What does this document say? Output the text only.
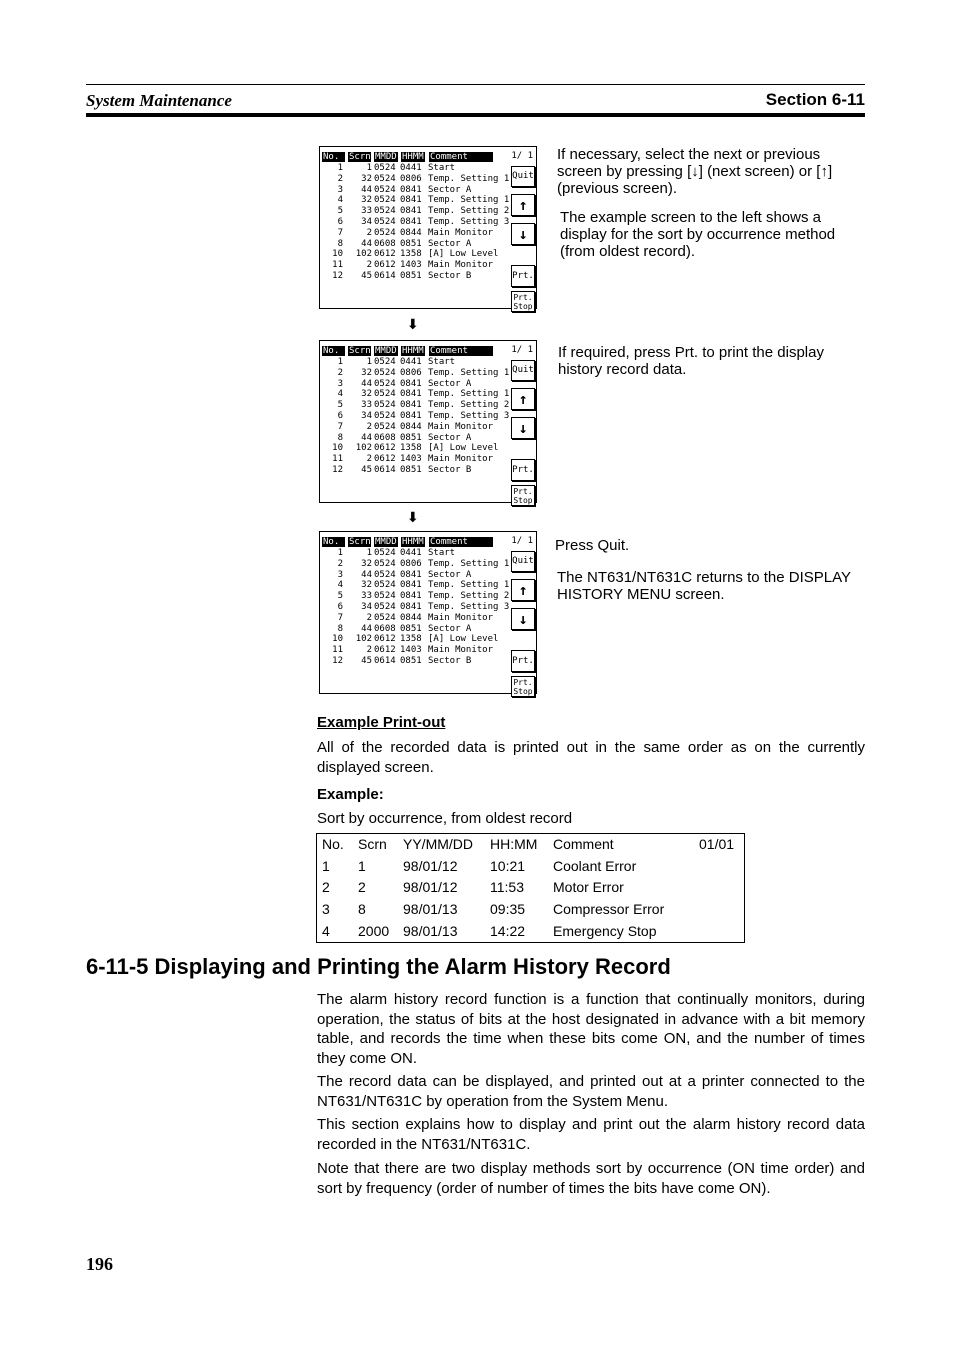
System Maintenance	Section 6-11
No.	Scrn MMDD HHMM Comment	1/ 1
1	1 0524 0441 Start
2	32 0524 0806 Temp. Setting 1
3	44 0524 0841 Sector A
4	32 0524 0841 Temp. Setting 1
5	33 0524 0841 Temp. Setting 2
6	34 0524 0841 Temp. Setting 3
7	2 0524 0844 Main Monitor
8	44 0608 0851 Sector A
10	102 0612 1358 [A] Low Level
11	2 0612 1403 Main Monitor
12	45 0614 0851 Sector B
Quit
↑
↓
Prt.
Prt.
Stop
⬇
No.	Scrn MMDD HHMM Comment	1/ 1
1	1 0524 0441 Start
2	32 0524 0806 Temp. Setting 1
3	44 0524 0841 Sector A
4	32 0524 0841 Temp. Setting 1
5	33 0524 0841 Temp. Setting 2
6	34 0524 0841 Temp. Setting 3
7	2 0524 0844 Main Monitor
8	44 0608 0851 Sector A
10	102 0612 1358 [A] Low Level
11	2 0612 1403 Main Monitor
12	45 0614 0851 Sector B
Quit
↑
↓
Prt.
Prt.
Stop
⬇
No.	Scrn MMDD HHMM Comment	1/ 1
1	1 0524 0441 Start
2	32 0524 0806 Temp. Setting 1
3	44 0524 0841 Sector A
4	32 0524 0841 Temp. Setting 1
5	33 0524 0841 Temp. Setting 2
6	34 0524 0841 Temp. Setting 3
7	2 0524 0844 Main Monitor
8	44 0608 0851 Sector A
10	102 0612 1358 [A] Low Level
11	2 0612 1403 Main Monitor
12	45 0614 0851 Sector B
Quit
↑
↓
Prt.
Prt.
Stop
If necessary, select the next or previous screen by pressing [↓] (next screen) or [↑] (previous screen).
The example screen to the left shows a display for the sort by occurrence method (from oldest record).
If required, press Prt. to print the display history record data.
Press Quit.
The NT631/NT631C returns to the DISPLAY HISTORY MENU screen.
Example Print-out
All of the recorded data is printed out in the same order as on the currently displayed screen.
Example:
Sort by occurrence, from oldest record
No. Scrn YY/MM/DD HH:MM Comment	01/01
1 1	98/01/12 10:21 Coolant Error
2 2	98/01/12 11:53 Motor Error
3 8	98/01/13 09:35 Compressor Error
4 2000 98/01/13 14:22 Emergency Stop
6-11-5 Displaying and Printing the Alarm History Record
The alarm history record function is a function that continually monitors, during operation, the status of bits at the host designated in advance with a bit memory table, and records the time when these bits come ON, and the number of times they come ON.
The record data can be displayed, and printed out at a printer connected to the NT631/NT631C by operation from the System Menu.
This section explains how to display and print out the alarm history record data recorded in the NT631/NT631C.
Note that there are two display methods sort by occurrence (ON time order) and sort by frequency (order of number of times the bits have come ON).
196
